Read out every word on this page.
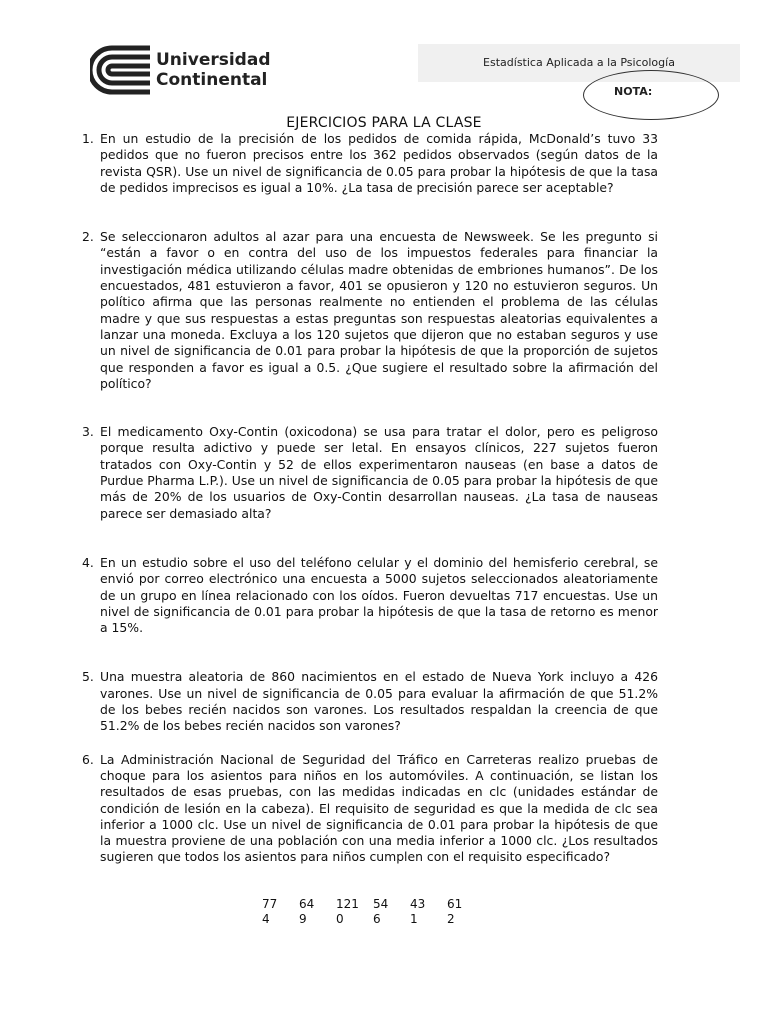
Universidad
Continental
Estadística Aplicada a la Psicología
NOTA:
EJERCICIOS PARA LA CLASE
1. En un estudio de la precisión de los pedidos de comida rápida, McDonald’s tuvo 33 pedidos que no fueron precisos entre los 362 pedidos observados (según datos de la revista QSR). Use un nivel de significancia de 0.05 para probar la hipótesis de que la tasa de pedidos imprecisos es igual a 10%. ¿La tasa de precisión parece ser aceptable?
2. Se seleccionaron adultos al azar para una encuesta de Newsweek. Se les pregunto si “están a favor o en contra del uso de los impuestos federales para financiar la investigación médica utilizando células madre obtenidas de embriones humanos”. De los encuestados, 481 estuvieron a favor, 401 se opusieron y 120 no estuvieron seguros. Un político afirma que las personas realmente no entienden el problema de las células madre y que sus respuestas a estas preguntas son respuestas aleatorias equivalentes a lanzar una moneda. Excluya a los 120 sujetos que dijeron que no estaban seguros y use un nivel de significancia de 0.01 para probar la hipótesis de que la proporción de sujetos que responden a favor es igual a 0.5. ¿Que sugiere el resultado sobre la afirmación del político?
3. El medicamento Oxy-Contin (oxicodona) se usa para tratar el dolor, pero es peligroso porque resulta adictivo y puede ser letal. En ensayos clínicos, 227 sujetos fueron tratados con Oxy-Contin y 52 de ellos experimentaron nauseas (en base a datos de Purdue Pharma L.P.). Use un nivel de significancia de 0.05 para probar la hipótesis de que más de 20% de los usuarios de Oxy-Contin desarrollan nauseas. ¿La tasa de nauseas parece ser demasiado alta?
4. En un estudio sobre el uso del teléfono celular y el dominio del hemisferio cerebral, se envió por correo electrónico una encuesta a 5000 sujetos seleccionados aleatoriamente de un grupo en línea relacionado con los oídos. Fueron devueltas 717 encuestas. Use un nivel de significancia de 0.01 para probar la hipótesis de que la tasa de retorno es menor a 15%.
5. Una muestra aleatoria de 860 nacimientos en el estado de Nueva York incluyo a 426 varones. Use un nivel de significancia de 0.05 para evaluar la afirmación de que 51.2% de los bebes recién nacidos son varones. Los resultados respaldan la creencia de que 51.2% de los bebes recién nacidos son varones?
6. La Administración Nacional de Seguridad del Tráfico en Carreteras realizo pruebas de choque para los asientos para niños en los automóviles. A continuación, se listan los resultados de esas pruebas, con las medidas indicadas en clc (unidades estándar de condición de lesión en la cabeza). El requisito de seguridad es que la medida de clc sea inferior a 1000 clc. Use un nivel de significancia de 0.01 para probar la hipótesis de que la muestra proviene de una población con una media inferior a 1000 clc. ¿Los resultados sugieren que todos los asientos para niños cumplen con el requisito especificado?
77
4
64
9
121
0
54
6
43
1
61
2
